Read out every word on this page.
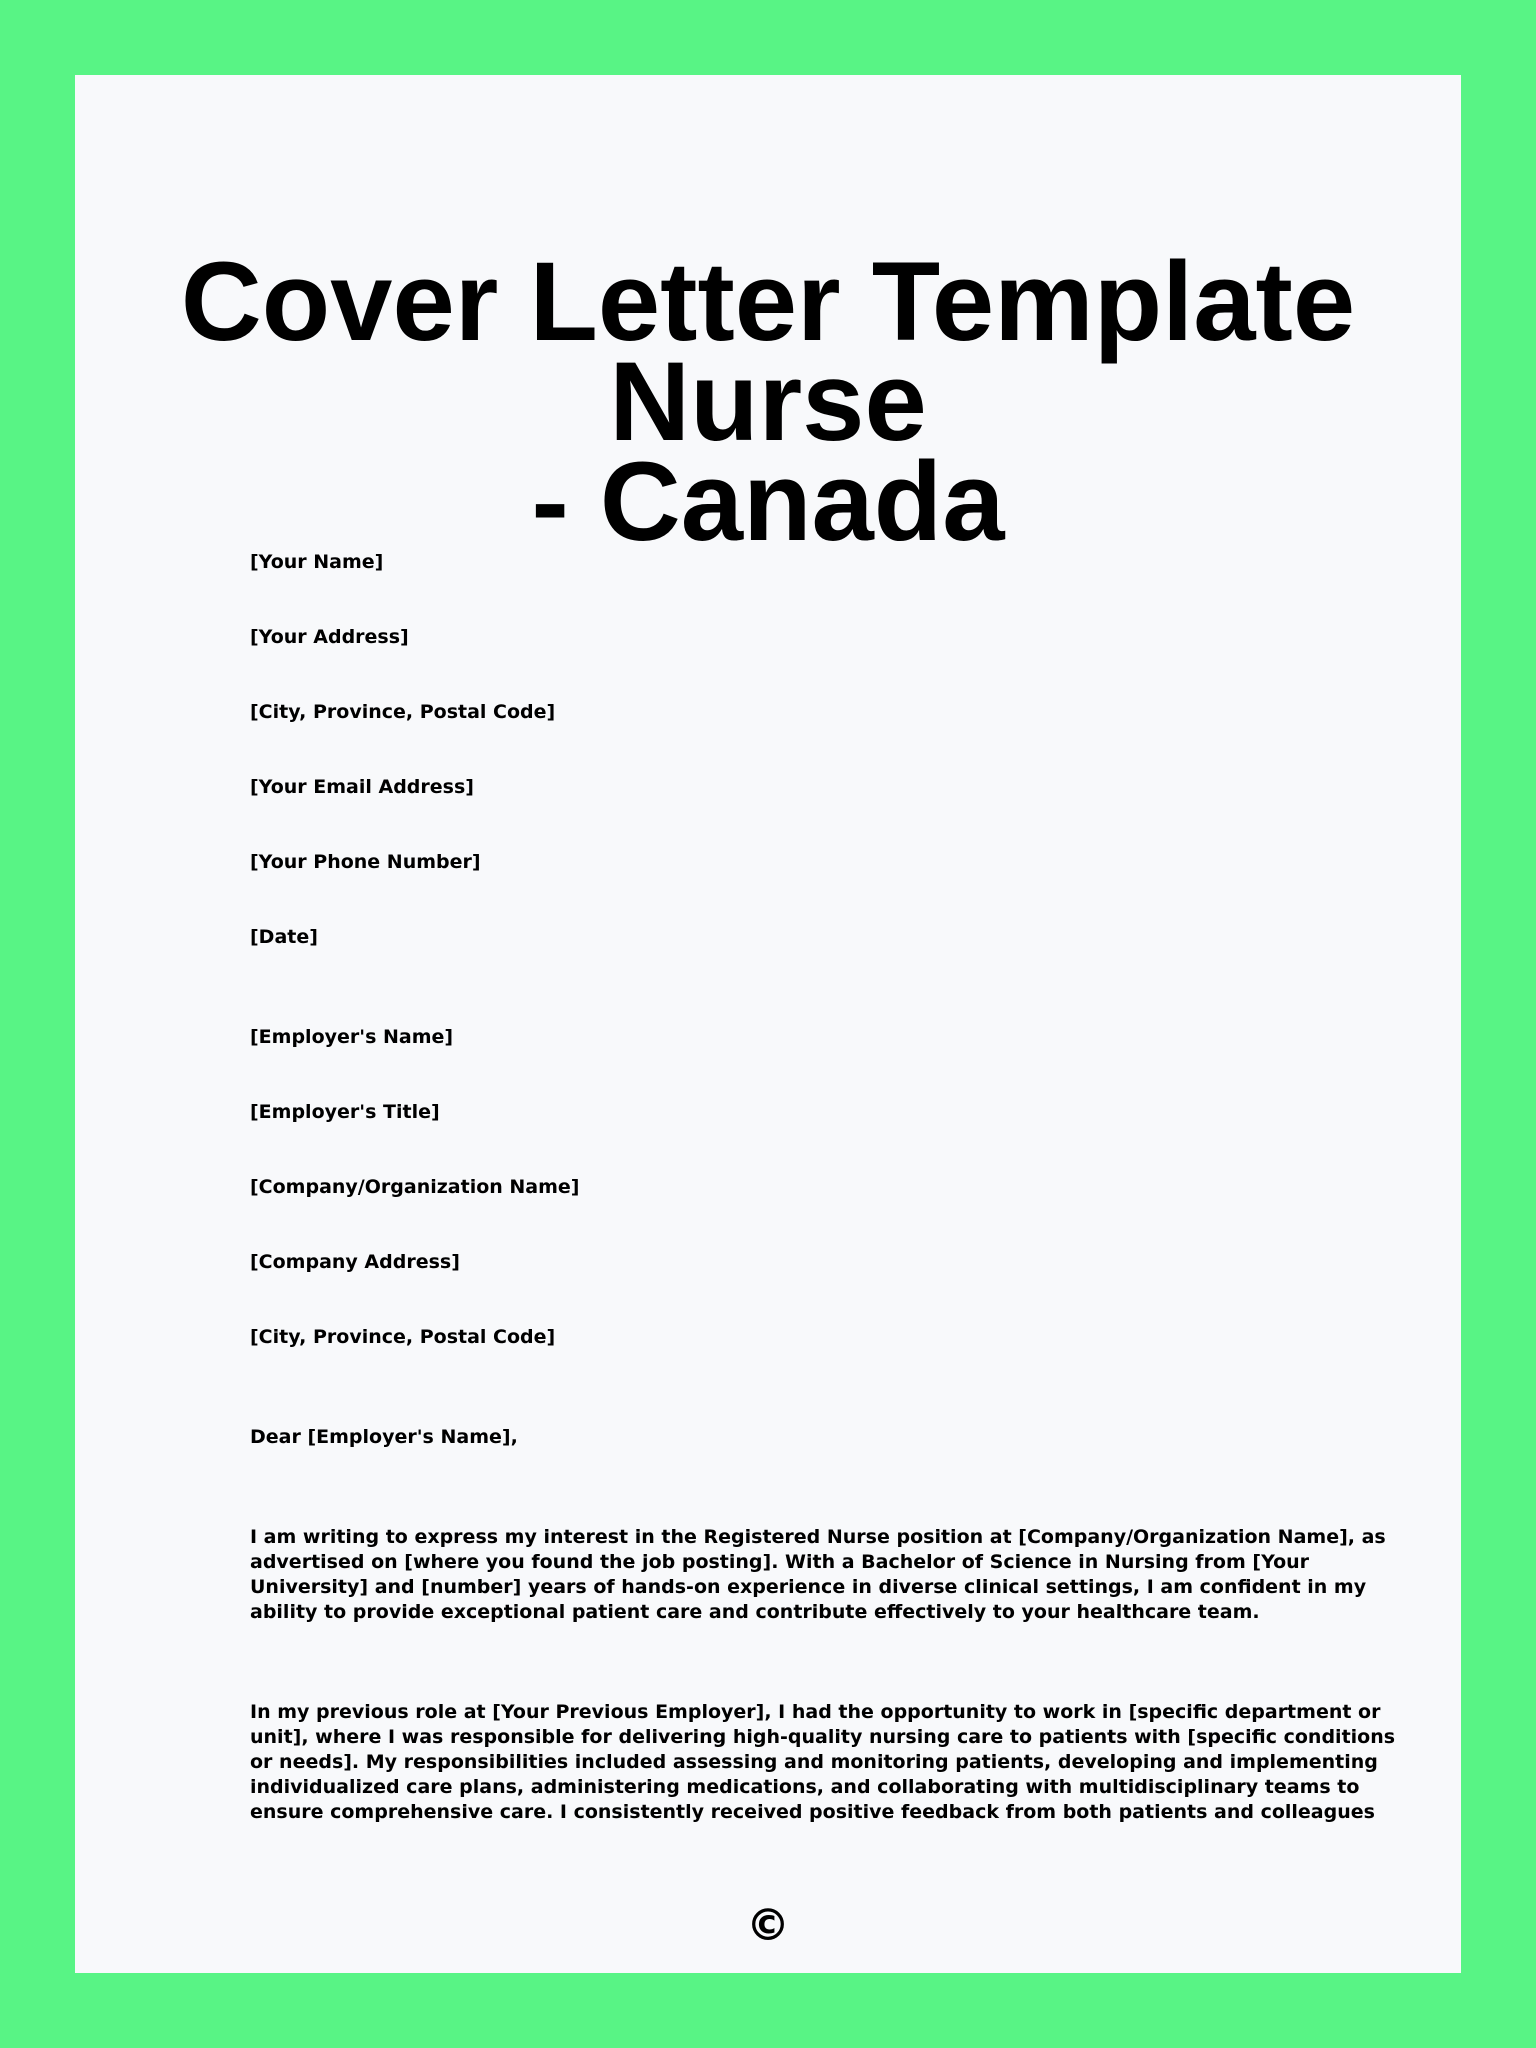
Cover Letter Template Nurse
- Canada

[Your Name]

[Your Address]

[City, Province, Postal Code]

[Your Email Address]

[Your Phone Number]

[Date]

[Employer's Name]

[Employer's Title]

[Company/Organization Name]

[Company Address]

[City, Province, Postal Code]

Dear [Employer's Name],

I am writing to express my interest in the Registered Nurse position at [Company/Organization Name], as
advertised on [where you found the job posting]. With a Bachelor of Science in Nursing from [Your
University] and [number] years of hands-on experience in diverse clinical settings, I am confident in my
ability to provide exceptional patient care and contribute effectively to your healthcare team.

In my previous role at [Your Previous Employer], I had the opportunity to work in [specific department or
unit], where I was responsible for delivering high-quality nursing care to patients with [specific conditions
or needs]. My responsibilities included assessing and monitoring patients, developing and implementing
individualized care plans, administering medications, and collaborating with multidisciplinary teams to
ensure comprehensive care. I consistently received positive feedback from both patients and colleagues

©
